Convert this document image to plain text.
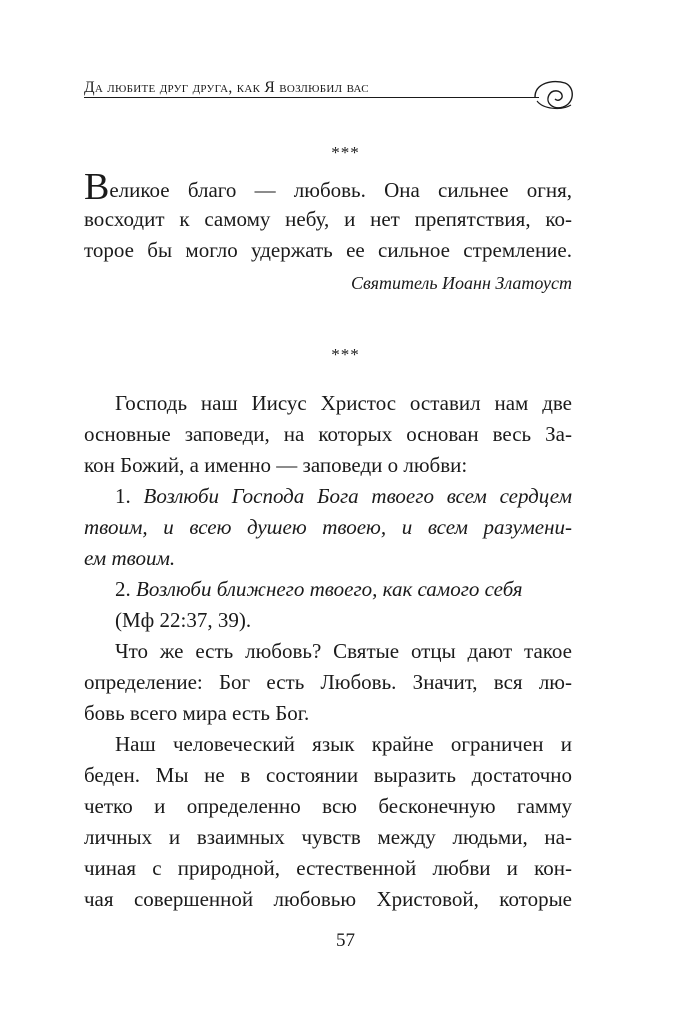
Да любите друг друга, как Я возлюбил вас
***
Великое благо — любовь. Она сильнее огня,
восходит к самому небу, и нет препятствия, ко-
торое бы могло удержать ее сильное стремление.
Святитель Иоанн Златоуст
***
Господь наш Иисус Христос оставил нам две
основные заповеди, на которых основан весь За-
кон Божий, а именно — заповеди о любви:
1. Возлюби Господа Бога твоего всем сердцем
твоим, и всею душею твоею, и всем разумени-
ем твоим.
2. Возлюби ближнего твоего, как самого себя
(Мф 22:37, 39).
Что же есть любовь? Святые отцы дают такое
определение: Бог есть Любовь. Значит, вся лю-
бовь всего мира есть Бог.
Наш человеческий язык крайне ограничен и
беден. Мы не в состоянии выразить достаточно
четко и определенно всю бесконечную гамму
личных и взаимных чувств между людьми, на-
чиная с природной, естественной любви и кон-
чая совершенной любовью Христовой, которые
57
